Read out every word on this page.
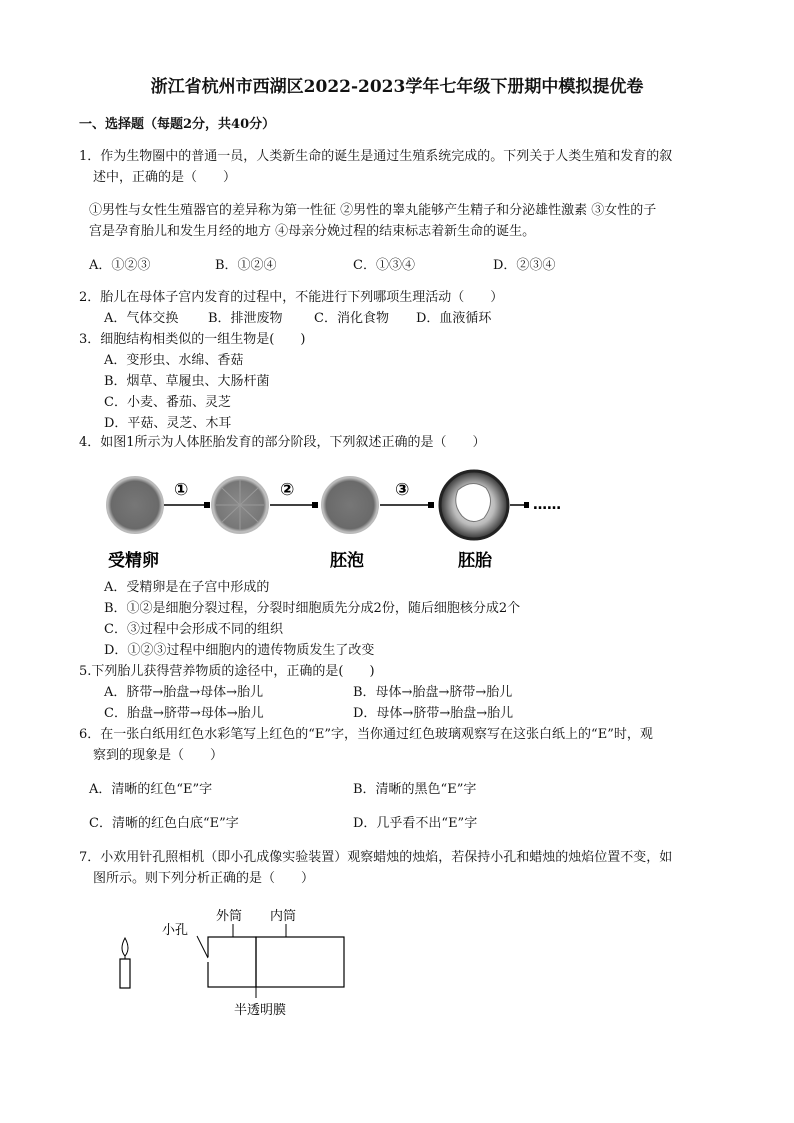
浙江省杭州市西湖区2022-2023学年七年级下册期中模拟提优卷
一、选择题（每题2分，共40分）
1．作为生物圈中的普通一员，人类新生命的诞生是通过生殖系统完成的。下列关于人类生殖和发育的叙
述中，正确的是（　　）
①男性与女性生殖器官的差异称为第一性征 ②男性的睾丸能够产生精子和分泌雄性激素 ③女性的子
宫是孕育胎儿和发生月经的地方 ④母亲分娩过程的结束标志着新生命的诞生。
A．①②③	B．①②④	C．①③④	D．②③④
2．胎儿在母体子宫内发育的过程中，不能进行下列哪项生理活动（　　）
A．气体交换 B．排泄废物 C．消化食物 D．血液循环
3．细胞结构相类似的一组生物是(　　)
A．变形虫、水绵、香菇
B．烟草、草履虫、大肠杆菌
C．小麦、番茄、灵芝
D．平菇、灵芝、木耳
4．如图1所示为人体胚胎发育的部分阶段，下列叙述正确的是（　　）
①	②	③
……
受精卵	胚泡	胚胎
A．受精卵是在子宫中形成的
B．①②是细胞分裂过程，分裂时细胞质先分成2份，随后细胞核分成2个
C．③过程中会形成不同的组织
D．①②③过程中细胞内的遗传物质发生了改变
5.下列胎儿获得营养物质的途径中，正确的是(　　)
A．脐带→胎盘→母体→胎儿	B．母体→胎盘→脐带→胎儿
C．胎盘→脐带→母体→胎儿	D．母体→脐带→胎盘→胎儿
6．在一张白纸用红色水彩笔写上红色的“E”字，当你通过红色玻璃观察写在这张白纸上的“E”时，观
察到的现象是（　　）
A．清晰的红色“E”字	B．清晰的黑色“E”字
C．清晰的红色白底“E”字	D．几乎看不出“E”字
7．小欢用针孔照相机（即小孔成像实验装置）观察蜡烛的烛焰，若保持小孔和蜡烛的烛焰位置不变，如
图所示。则下列分析正确的是（　　）
小孔
外筒 内筒
半透明膜
